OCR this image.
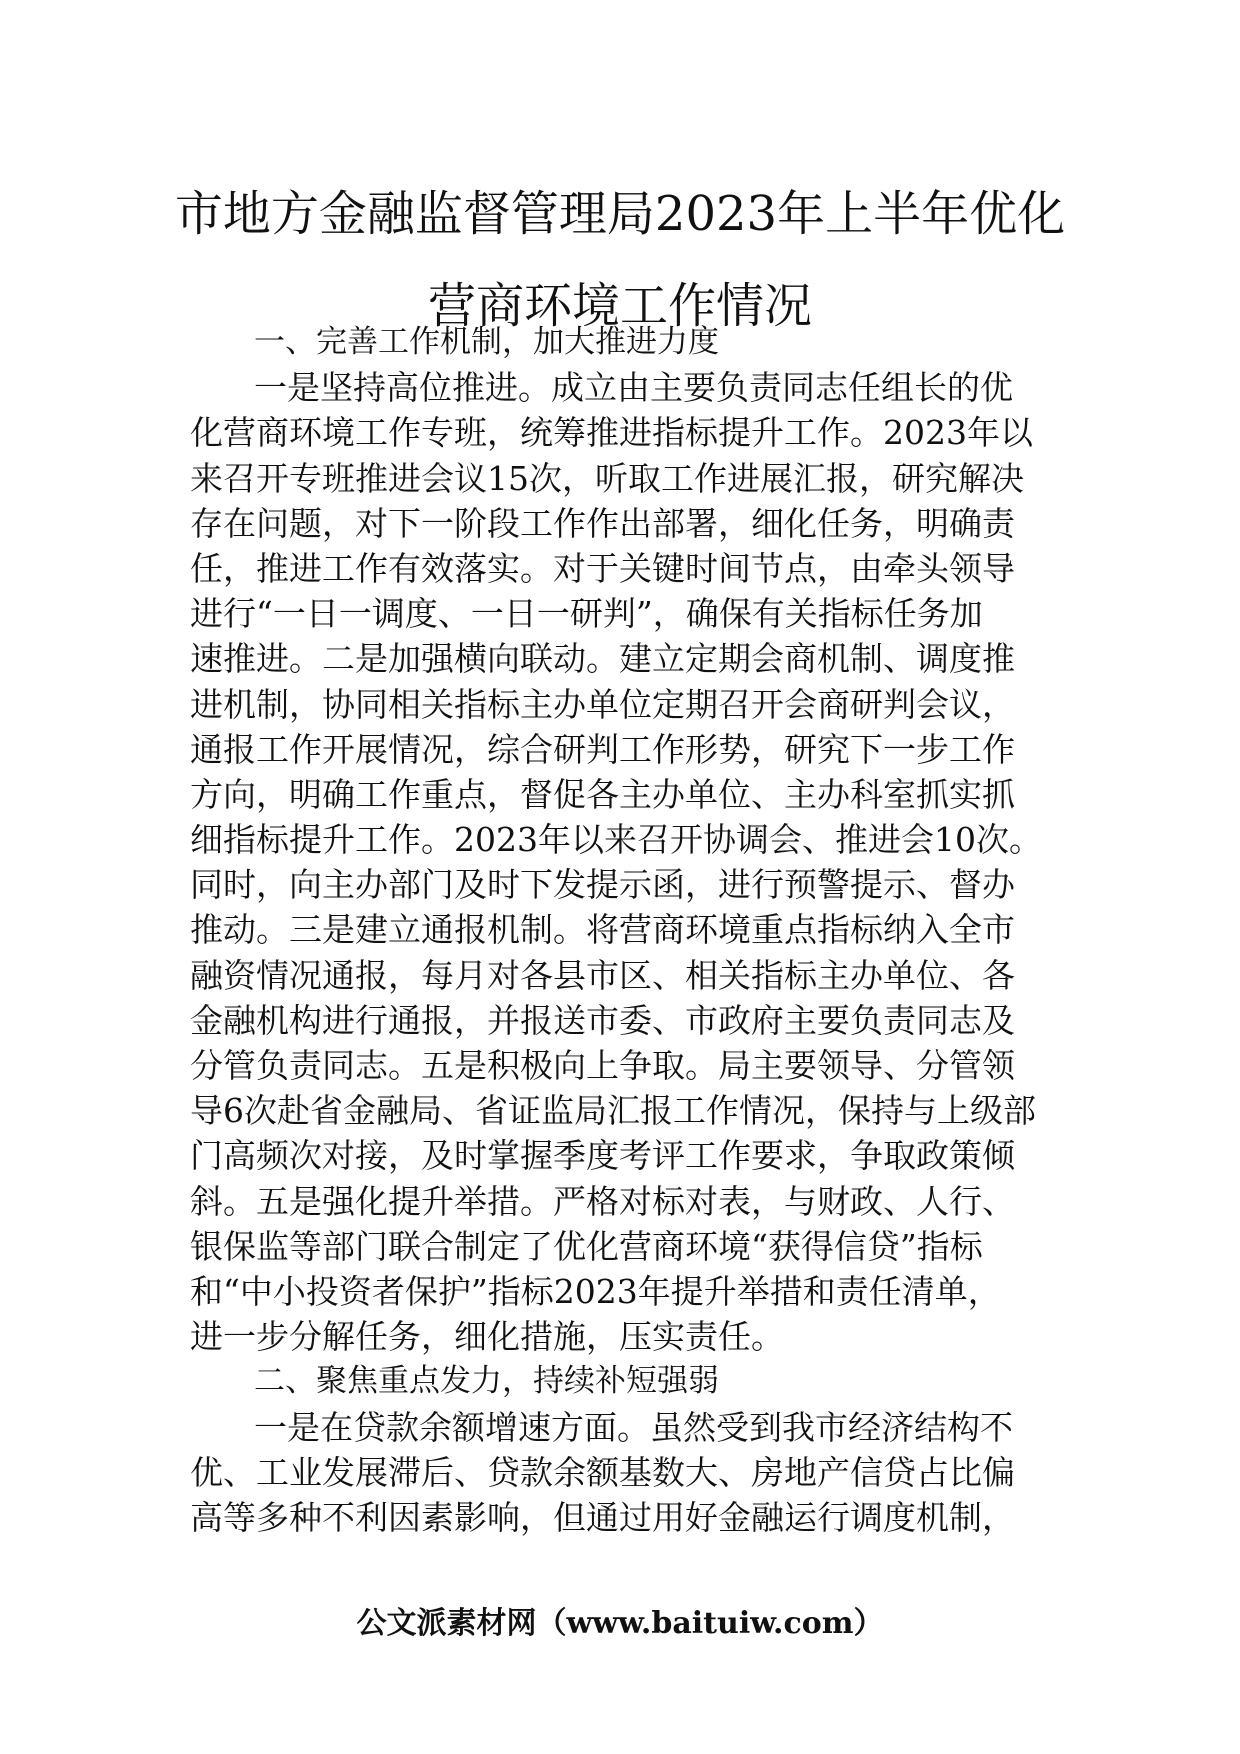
市地方金融监督管理局2023年上半年优化
营商环境工作情况
一、完善工作机制，加大推进力度
一是坚持高位推进。成立由主要负责同志任组长的优
化营商环境工作专班，统筹推进指标提升工作。2023年以
来召开专班推进会议15次，听取工作进展汇报，研究解决
存在问题，对下一阶段工作作出部署，细化任务，明确责
任，推进工作有效落实。对于关键时间节点，由牵头领导
进行“一日一调度、一日一研判”，确保有关指标任务加
速推进。二是加强横向联动。建立定期会商机制、调度推
进机制，协同相关指标主办单位定期召开会商研判会议，
通报工作开展情况，综合研判工作形势，研究下一步工作
方向，明确工作重点，督促各主办单位、主办科室抓实抓
细指标提升工作。2023年以来召开协调会、推进会10次。
同时，向主办部门及时下发提示函，进行预警提示、督办
推动。三是建立通报机制。将营商环境重点指标纳入全市
融资情况通报，每月对各县市区、相关指标主办单位、各
金融机构进行通报，并报送市委、市政府主要负责同志及
分管负责同志。五是积极向上争取。局主要领导、分管领
导6次赴省金融局、省证监局汇报工作情况，保持与上级部
门高频次对接，及时掌握季度考评工作要求，争取政策倾
斜。五是强化提升举措。严格对标对表，与财政、人行、
银保监等部门联合制定了优化营商环境“获得信贷”指标
和“中小投资者保护”指标2023年提升举措和责任清单，
进一步分解任务，细化措施，压实责任。
二、聚焦重点发力，持续补短强弱
一是在贷款余额增速方面。虽然受到我市经济结构不
优、工业发展滞后、贷款余额基数大、房地产信贷占比偏
高等多种不利因素影响，但通过用好金融运行调度机制，
公文派素材网（www.baituiw.com）
